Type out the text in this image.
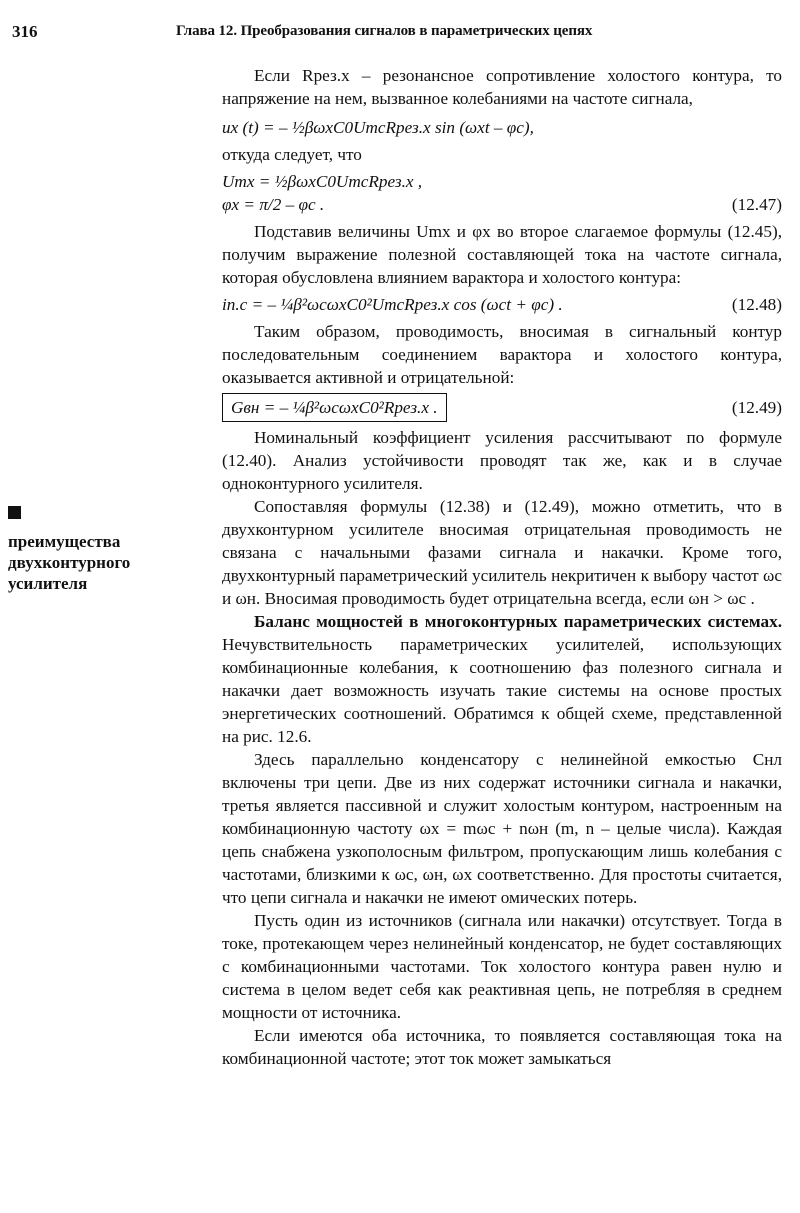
316	Глава 12. Преобразования сигналов в параметрических цепях
преимущества двухконтурного усилителя

Если Rрез.х – резонансное сопротивление холостого контура, то напряжение на нем, вызванное колебаниями на частоте сигнала,

uх (t) = – ½βωхC0UmcRрез.х sin (ωхt – φс),

откуда следует, что

Umх = ½βωхC0UmcRрез.х ,
φх = π/2 – φс .	(12.47)

Подставив величины Umх и φх во второе слагаемое формулы (12.45), получим выражение полезной составляющей тока на частоте сигнала, которая обусловлена влиянием варактора и холостого контура:

iп.с = – ¼β²ωсωхC0²UmcRрез.х cos (ωсt + φс) .	(12.48)

Таким образом, проводимость, вносимая в сигнальный контур последовательным соединением варактора и холостого контура, оказывается активной и отрицательной:

Gвн = – ¼β²ωсωхC0²Rрез.х .	(12.49)

Номинальный коэффициент усиления рассчитывают по формуле (12.40). Анализ устойчивости проводят так же, как и в случае одноконтурного усилителя.

Сопоставляя формулы (12.38) и (12.49), можно отметить, что в двухконтурном усилителе вносимая отрицательная проводимость не связана с начальными фазами сигнала и накачки. Кроме того, двухконтурный параметрический усилитель некритичен к выбору частот ωс и ωн. Вносимая проводимость будет отрицательна всегда, если ωн > ωс .

Баланс мощностей в многоконтурных параметрических системах. Нечувствительность параметрических усилителей, использующих комбинационные колебания, к соотношению фаз полезного сигнала и накачки дает возможность изучать такие системы на основе простых энергетических соотношений. Обратимся к общей схеме, представленной на рис. 12.6.

Здесь параллельно конденсатору с нелинейной емкостью Cнл включены три цепи. Две из них содержат источники сигнала и накачки, третья является пассивной и служит холостым контуром, настроенным на комбинационную частоту ωх = mωс + nωн (m, n – целые числа). Каждая цепь снабжена узкополосным фильтром, пропускающим лишь колебания с частотами, близкими к ωс, ωн, ωх соответственно. Для простоты считается, что цепи сигнала и накачки не имеют омических потерь.

Пусть один из источников (сигнала или накачки) отсутствует. Тогда в токе, протекающем через нелинейный конденсатор, не будет составляющих с комбинационными частотами. Ток холостого контура равен нулю и система в целом ведет себя как реактивная цепь, не потребляя в среднем мощности от источника.

Если имеются оба источника, то появляется составляющая тока на комбинационной частоте; этот ток может замыкаться
